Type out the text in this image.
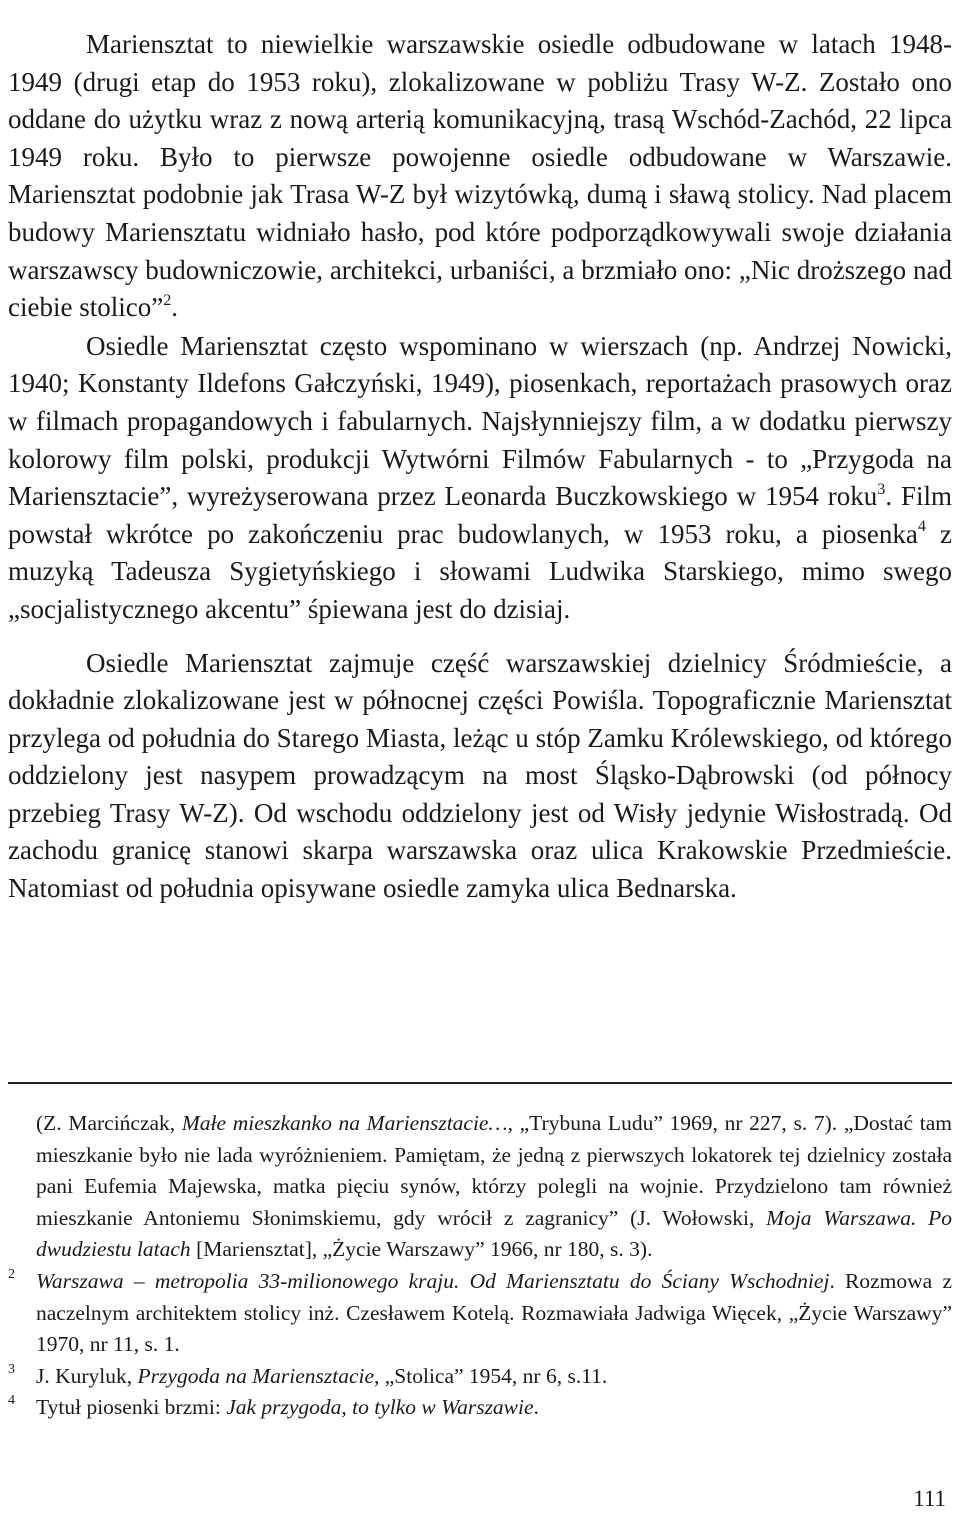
Mariensztat to niewielkie warszawskie osiedle odbudowane w latach 1948-1949 (drugi etap do 1953 roku), zlokalizowane w pobliżu Trasy W-Z. Zostało ono oddane do użytku wraz z nową arterią komunikacyjną, trasą Wschód-Zachód, 22 lipca 1949 roku. Było to pierwsze powojenne osiedle odbudowane w Warszawie. Mariensztat podobnie jak Trasa W-Z był wizytówką, dumą i sławą stolicy. Nad placem budowy Mariensztatu widniało hasło, pod które podporządkowywali swoje działania warszawscy budowniczowie, architekci, urbaniści, a brzmiało ono: „Nic droższego nad ciebie stolico”$^2$.

Osiedle Mariensztat często wspominano w wierszach (np. Andrzej Nowicki, 1940; Konstanty Ildefons Gałczyński, 1949), piosenkach, reportażach prasowych oraz w filmach propagandowych i fabularnych. Najsłynniejszy film, a w dodatku pierwszy kolorowy film polski, produkcji Wytwórni Filmów Fabularnych - to „Przygoda na Mariensztacie”, wyreżyserowana przez Leonarda Buczkowskiego w 1954 roku$^3$. Film powstał wkrótce po zakończeniu prac budowlanych, w 1953 roku, a piosenka$^4$ z muzyką Tadeusza Sygietyńskiego i słowami Ludwika Starskiego, mimo swego „socjalistycznego akcentu” śpiewana jest do dzisiaj.

Osiedle Mariensztat zajmuje część warszawskiej dzielnicy Śródmieście, a dokładnie zlokalizowane jest w północnej części Powiśla. Topograficznie Mariensztat przylega od południa do Starego Miasta, leżąc u stóp Zamku Królewskiego, od którego oddzielony jest nasypem prowadzącym na most Śląsko-Dąbrowski (od północy przebieg Trasy W-Z). Od wschodu oddzielony jest od Wisły jedynie Wisłostradą. Od zachodu granicę stanowi skarpa warszawska oraz ulica Krakowskie Przedmieście. Natomiast od południa opisywane osiedle zamyka ulica Bednarska.

(Z. Marcińczak, Małe mieszkanko na Mariensztacie…, „Trybuna Ludu” 1969, nr 227, s. 7). „Dostać tam mieszkanie było nie lada wyróżnieniem. Pamiętam, że jedną z pierwszych lokatorek tej dzielnicy została pani Eufemia Majewska, matka pięciu synów, którzy polegli na wojnie. Przydzielono tam również mieszkanie Antoniemu Słonimskiemu, gdy wrócił z zagranicy” (J. Wołowski, Moja Warszawa. Po dwudziestu latach [Mariensztat], „Życie Warszawy” 1966, nr 180, s. 3).

2 Warszawa – metropolia 33-milionowego kraju. Od Mariensztatu do Ściany Wschodniej. Rozmowa z naczelnym architektem stolicy inż. Czesławem Kotelą. Rozmawiała Jadwiga Więcek, „Życie Warszawy” 1970, nr 11, s. 1.

3 J. Kuryluk, Przygoda na Mariensztacie, „Stolica” 1954, nr 6, s.11.

4 Tytuł piosenki brzmi: Jak przygoda, to tylko w Warszawie.

111
